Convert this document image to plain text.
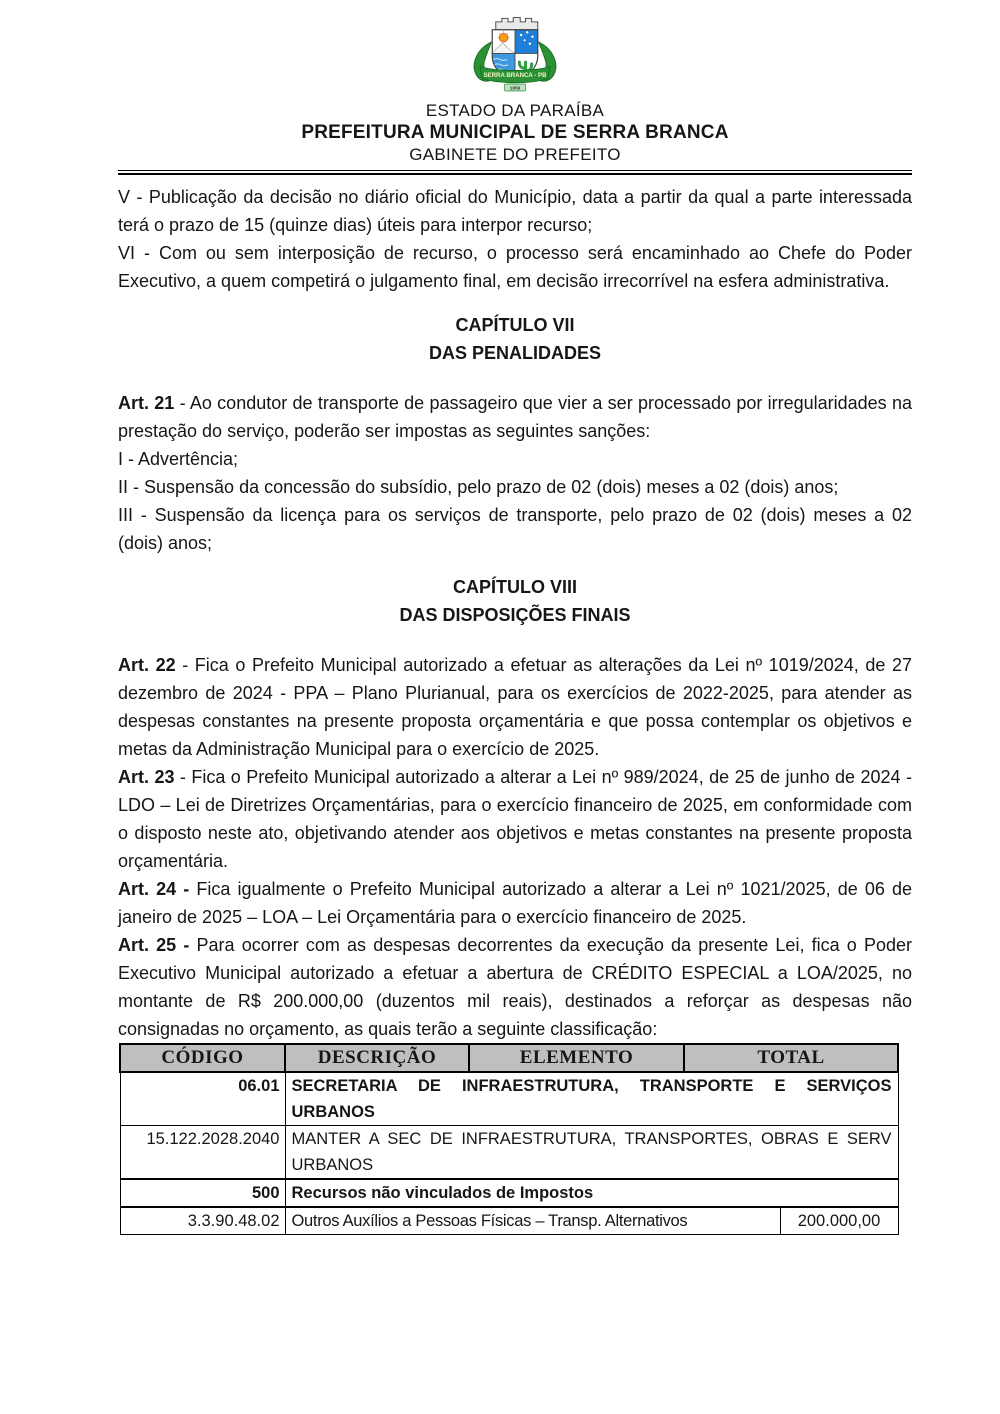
SERRA BRANCA - PB
1959
ESTADO DA PARAÍBA
PREFEITURA MUNICIPAL DE SERRA BRANCA
GABINETE DO PREFEITO

V - Publicação da decisão no diário oficial do Município, data a partir da qual a parte interessada terá o prazo de 15 (quinze dias) úteis para interpor recurso;

VI - Com ou sem interposição de recurso, o processo será encaminhado ao Chefe do Poder Executivo, a quem competirá o julgamento final, em decisão irrecorrível na esfera administrativa.

CAPÍTULO VII
DAS PENALIDADES

Art. 21 - Ao condutor de transporte de passageiro que vier a ser processado por irregularidades na prestação do serviço, poderão ser impostas as seguintes sanções:

I - Advertência;

II - Suspensão da concessão do subsídio, pelo prazo de 02 (dois) meses a 02 (dois) anos;

III - Suspensão da licença para os serviços de transporte, pelo prazo de 02 (dois) meses a 02 (dois) anos;

CAPÍTULO VIII
DAS DISPOSIÇÕES FINAIS

Art. 22 - Fica o Prefeito Municipal autorizado a efetuar as alterações da Lei nº 1019/2024, de 27 dezembro de 2024 - PPA – Plano Plurianual, para os exercícios de 2022-2025, para atender as despesas constantes na presente proposta orçamentária e que possa contemplar os objetivos e metas da Administração Municipal para o exercício de 2025.

Art. 23 - Fica o Prefeito Municipal autorizado a alterar a Lei nº 989/2024, de 25 de junho de 2024 - LDO – Lei de Diretrizes Orçamentárias, para o exercício financeiro de 2025, em conformidade com o disposto neste ato, objetivando atender aos objetivos e metas constantes na presente proposta orçamentária.

Art. 24 - Fica igualmente o Prefeito Municipal autorizado a alterar a Lei nº 1021/2025, de 06 de janeiro de 2025 – LOA – Lei Orçamentária para o exercício financeiro de 2025.

Art. 25 - Para ocorrer com as despesas decorrentes da execução da presente Lei, fica o Poder Executivo Municipal autorizado a efetuar a abertura de CRÉDITO ESPECIAL a LOA/2025, no montante de R$ 200.000,00 (duzentos mil reais), destinados a reforçar as despesas não consignadas no orçamento, as quais terão a seguinte classificação:

CÓDIGO	DESCRIÇÃO	ELEMENTO	TOTAL	
06.01	SECRETARIA DE INFRAESTRUTURA, TRANSPORTE E SERVIÇOS URBANOS			
15.122.2028.2040	MANTER A SEC DE INFRAESTRUTURA, TRANSPORTES, OBRAS E SERV URBANOS			
500	Recursos não vinculados de Impostos			
3.3.90.48.02	Outros Auxílios a Pessoas Físicas – Transp. Alternativos			200.000,00
